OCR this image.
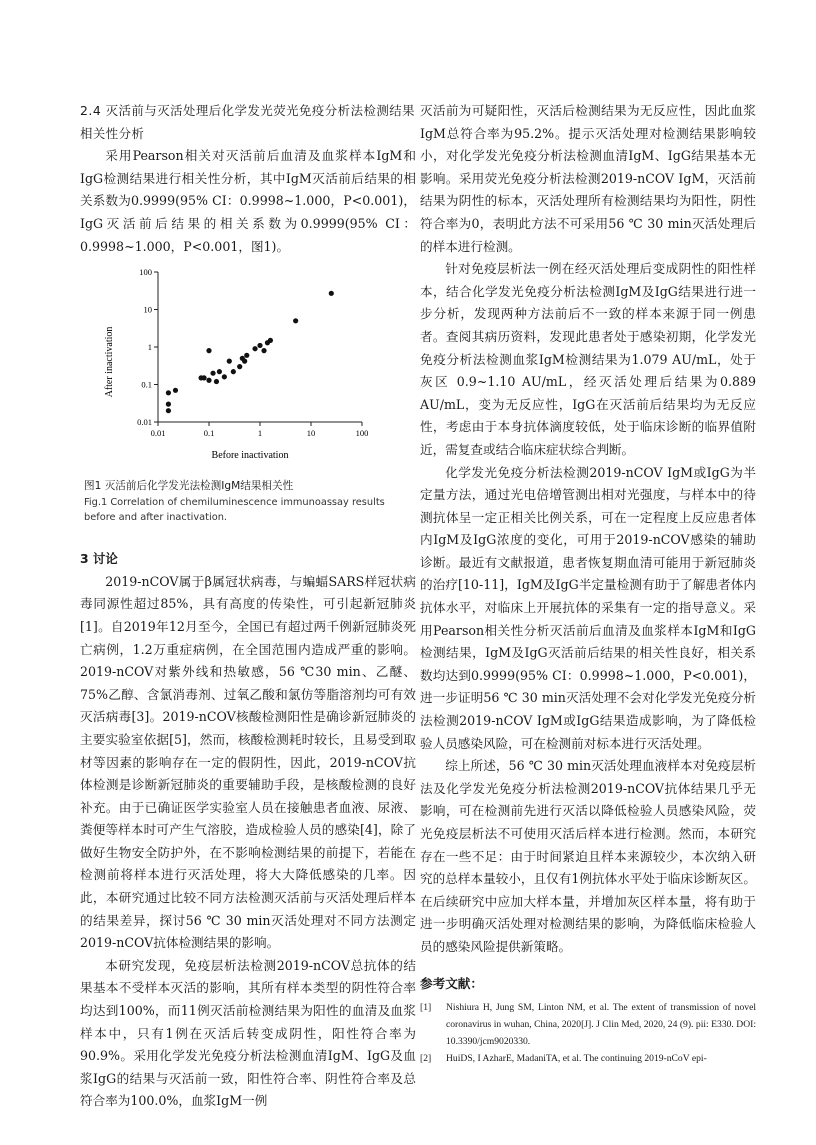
2.4 灭活前与灭活处理后化学发光荧光免疫分析法检测结果相关性分析

采用Pearson相关对灭活前后血清及血浆样本IgM和IgG检测结果进行相关性分析，其中IgM灭活前后结果的相关系数为0.9999(95% CI：0.9998~1.000，P<0.001)，IgG灭活前后结果的相关系数为0.9999(95% CI：0.9998~1.000，P<0.001，图1)。

0.01	0.1	1	10	100
0.01
0.1
1
10
100
Before inactivation
After inactivation
图1 灭活前后化学发光法检测IgM结果相关性
Fig.1 Correlation of chemiluminescence immunoassay results before and after inactivation.

3 讨论

2019-nCOV属于β属冠状病毒，与蝙蝠SARS样冠状病毒同源性超过85%，具有高度的传染性，可引起新冠肺炎[1]。自2019年12月至今，全国已有超过两千例新冠肺炎死亡病例，1.2万重症病例，在全国范围内造成严重的影响。2019-nCOV对紫外线和热敏感，56 ℃30 min、乙醚、75%乙醇、含氯消毒剂、过氧乙酸和氯仿等脂溶剂均可有效灭活病毒[3]。2019-nCOV核酸检测阳性是确诊新冠肺炎的主要实验室依据[5]，然而，核酸检测耗时较长，且易受到取材等因素的影响存在一定的假阴性，因此，2019-nCOV抗体检测是诊断新冠肺炎的重要辅助手段，是核酸检测的良好补充。由于已确证医学实验室人员在接触患者血液、尿液、粪便等样本时可产生气溶胶，造成检验人员的感染[4]，除了做好生物安全防护外，在不影响检测结果的前提下，若能在检测前将样本进行灭活处理，将大大降低感染的几率。因此，本研究通过比较不同方法检测灭活前与灭活处理后样本的结果差异，探讨56 ℃ 30 min灭活处理对不同方法测定2019-nCOV抗体检测结果的影响。

本研究发现，免疫层析法检测2019-nCOV总抗体的结果基本不受样本灭活的影响，其所有样本类型的阴性符合率均达到100%，而11例灭活前检测结果为阳性的血清及血浆样本中，只有1例在灭活后转变成阴性，阳性符合率为90.9%。采用化学发光免疫分析法检测血清IgM、IgG及血浆IgG的结果与灭活前一致，阳性符合率、阴性符合率及总符合率为100.0%，血浆IgM一例

灭活前为可疑阳性，灭活后检测结果为无反应性，因此血浆IgM总符合率为95.2%。提示灭活处理对检测结果影响较小，对化学发光免疫分析法检测血清IgM、IgG结果基本无影响。采用荧光免疫分析法检测2019-nCOV IgM，灭活前结果为阴性的标本，灭活处理所有检测结果均为阳性，阴性符合率为0，表明此方法不可采用56 ℃ 30 min灭活处理后的样本进行检测。

针对免疫层析法一例在经灭活处理后变成阴性的阳性样本，结合化学发光免疫分析法检测IgM及IgG结果进行进一步分析，发现两种方法前后不一致的样本来源于同一例患者。查阅其病历资料，发现此患者处于感染初期，化学发光免疫分析法检测血浆IgM检测结果为1.079 AU/mL，处于灰区 0.9~1.10 AU/mL，经灭活处理后结果为0.889 AU/mL，变为无反应性，IgG在灭活前后结果均为无反应性，考虑由于本身抗体滴度较低，处于临床诊断的临界值附近，需复查或结合临床症状综合判断。

化学发光免疫分析法检测2019-nCOV IgM或IgG为半定量方法，通过光电倍增管测出相对光强度，与样本中的待测抗体呈一定正相关比例关系，可在一定程度上反应患者体内IgM及IgG浓度的变化，可用于2019-nCOV感染的辅助诊断。最近有文献报道，患者恢复期血清可能用于新冠肺炎的治疗[10-11]，IgM及IgG半定量检测有助于了解患者体内抗体水平，对临床上开展抗体的采集有一定的指导意义。采用Pearson相关性分析灭活前后血清及血浆样本IgM和IgG检测结果，IgM及IgG灭活前后结果的相关性良好，相关系数均达到0.9999(95% CI：0.9998~1.000，P<0.001)，进一步证明56 ℃ 30 min灭活处理不会对化学发光免疫分析法检测2019-nCOV IgM或IgG结果造成影响，为了降低检验人员感染风险，可在检测前对标本进行灭活处理。

综上所述，56 ℃ 30 min灭活处理血液样本对免疫层析法及化学发光免疫分析法检测2019-nCOV抗体结果几乎无影响，可在检测前先进行灭活以降低检验人员感染风险，荧光免疫层析法不可使用灭活后样本进行检测。然而，本研究存在一些不足：由于时间紧迫且样本来源较少，本次纳入研究的总样本量较小，且仅有1例抗体水平处于临床诊断灰区。在后续研究中应加大样本量，并增加灰区样本量，将有助于进一步明确灭活处理对检测结果的影响，为降低临床检验人员的感染风险提供新策略。

参考文献：
[1]	Nishiura H, Jung SM, Linton NM, et al. The extent of transmission of novel coronavirus in wuhan, China, 2020[J]. J Clin Med, 2020, 24 (9). pii: E330. DOI: 10.3390/jcm9020330.
[2]	HuiDS, I AzharE, MadaniTA, et al. The continuing 2019-nCoV epi-
